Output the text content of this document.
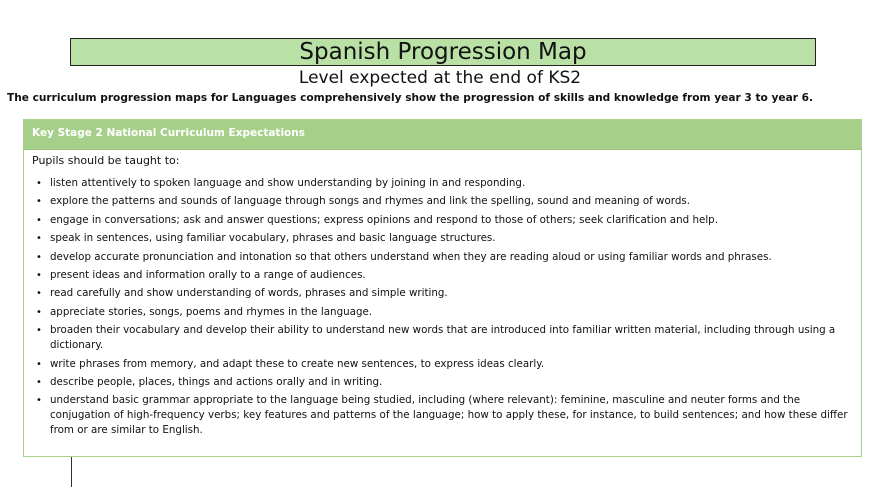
Spanish Progression Map
Level expected at the end of KS2
The curriculum progression maps for Languages comprehensively show the progression of skills and knowledge from year 3 to year 6.
Key Stage 2 National Curriculum Expectations
Pupils should be taught to:
• listen attentively to spoken language and show understanding by joining in and responding.
• explore the patterns and sounds of language through songs and rhymes and link the spelling, sound and meaning of words.
• engage in conversations; ask and answer questions; express opinions and respond to those of others; seek clarification and help.
• speak in sentences, using familiar vocabulary, phrases and basic language structures.
• develop accurate pronunciation and intonation so that others understand when they are reading aloud or using familiar words and phrases.
• present ideas and information orally to a range of audiences.
• read carefully and show understanding of words, phrases and simple writing.
• appreciate stories, songs, poems and rhymes in the language.
• broaden their vocabulary and develop their ability to understand new words that are introduced into familiar written material, including through using a dictionary.
• write phrases from memory, and adapt these to create new sentences, to express ideas clearly.
• describe people, places, things and actions orally and in writing.
• understand basic grammar appropriate to the language being studied, including (where relevant): feminine, masculine and neuter forms and the conjugation of high-frequency verbs; key features and patterns of the language; how to apply these, for instance, to build sentences; and how these differ from or are similar to English.
